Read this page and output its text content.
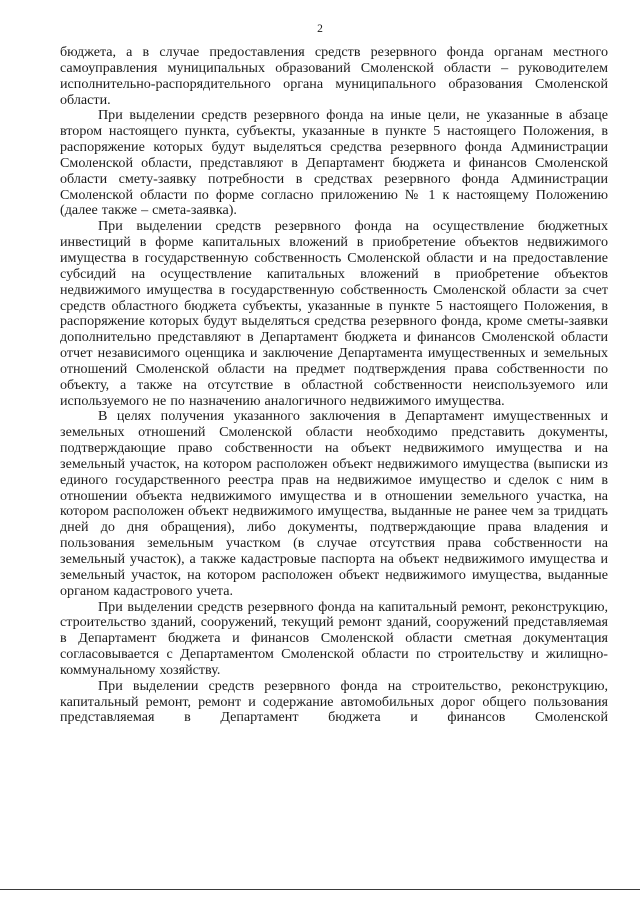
2

бюджета, а в случае предоставления средств резервного фонда органам местного самоуправления муниципальных образований Смоленской области – руководителем исполнительно-распорядительного органа муниципального образования Смоленской области.

При выделении средств резервного фонда на иные цели, не указанные в абзаце втором настоящего пункта, субъекты, указанные в пункте 5 настоящего Положения, в распоряжение которых будут выделяться средства резервного фонда Администрации Смоленской области, представляют в Департамент бюджета и финансов Смоленской области смету-заявку потребности в средствах резервного фонда Администрации Смоленской области по форме согласно приложению № 1 к настоящему Положению (далее также – смета-заявка).

При выделении средств резервного фонда на осуществление бюджетных инвестиций в форме капитальных вложений в приобретение объектов недвижимого имущества в государственную собственность Смоленской области и на предоставление субсидий на осуществление капитальных вложений в приобретение объектов недвижимого имущества в государственную собственность Смоленской области за счет средств областного бюджета субъекты, указанные в пункте 5 настоящего Положения, в распоряжение которых будут выделяться средства резервного фонда, кроме сметы-заявки дополнительно представляют в Департамент бюджета и финансов Смоленской области отчет независимого оценщика и заключение Департамента имущественных и земельных отношений Смоленской области на предмет подтверждения права собственности по объекту, а также на отсутствие в областной собственности неиспользуемого или используемого не по назначению аналогичного недвижимого имущества.

В целях получения указанного заключения в Департамент имущественных и земельных отношений Смоленской области необходимо представить документы, подтверждающие право собственности на объект недвижимого имущества и на земельный участок, на котором расположен объект недвижимого имущества (выписки из единого государственного реестра прав на недвижимое имущество и сделок с ним в отношении объекта недвижимого имущества и в отношении земельного участка, на котором расположен объект недвижимого имущества, выданные не ранее чем за тридцать дней до дня обращения), либо документы, подтверждающие права владения и пользования земельным участком (в случае отсутствия права собственности на земельный участок), а также кадастровые паспорта на объект недвижимого имущества и земельный участок, на котором расположен объект недвижимого имущества, выданные органом кадастрового учета.

При выделении средств резервного фонда на капитальный ремонт, реконструкцию, строительство зданий, сооружений, текущий ремонт зданий, сооружений представляемая в Департамент бюджета и финансов Смоленской области сметная документация согласовывается с Департаментом Смоленской области по строительству и жилищно-коммунальному хозяйству.

При выделении средств резервного фонда на строительство, реконструкцию, капитальный ремонт, ремонт и содержание автомобильных дорог общего пользования представляемая в Департамент бюджета и финансов Смоленской
